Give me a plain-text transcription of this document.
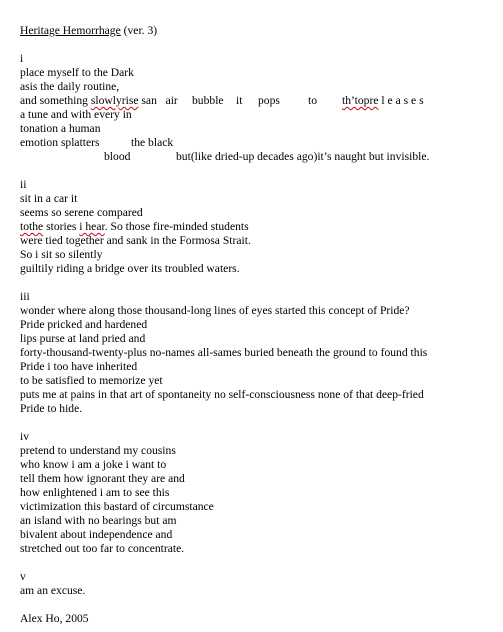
Heritage Hemorrhage (ver. 3)
i
place myself to the Dark
asis the daily routine,
and something slowlyrise san   air bubble it pops to th’topre l e a s e s
a tune and with every in
tonation a human
emotion splatters	the black
blood	but(like dried-up decades ago)it’s naught but invisible.
ii
sit in a car it
seems so serene compared
tothe stories i hear. So those fire-minded students
were tied together and sank in the Formosa Strait.
So i sit so silently
guiltily riding a bridge over its troubled waters.
iii
wonder where along those thousand-long lines of eyes started this concept of Pride?
Pride pricked and hardened
lips purse at land pried and
forty-thousand-twenty-plus no-names all-sames buried beneath the ground to found this
Pride i too have inherited
to be satisfied to memorize yet
puts me at pains in that art of spontaneity no self-consciousness none of that deep-fried
Pride to hide.
iv
pretend to understand my cousins
who know i am a joke i want to
tell them how ignorant they are and
how enlightened i am to see this
victimization this bastard of circumstance
an island with no bearings but am
bivalent about independence and
stretched out too far to concentrate.
v
am an excuse.
Alex Ho, 2005
